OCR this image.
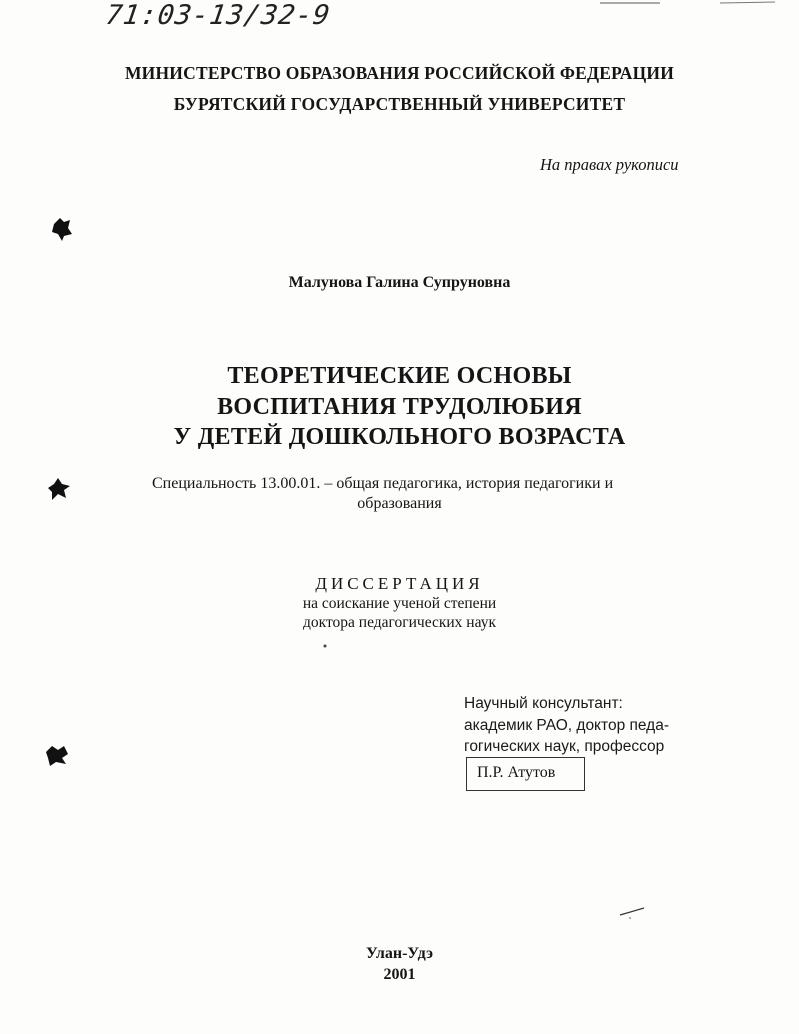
71:03-13/32-9
МИНИСТЕРСТВО ОБРАЗОВАНИЯ РОССИЙСКОЙ ФЕДЕРАЦИИ
БУРЯТСКИЙ ГОСУДАРСТВЕННЫЙ УНИВЕРСИТЕТ
На правах рукописи
Малунова Галина Супруновна
ТЕОРЕТИЧЕСКИЕ ОСНОВЫ
ВОСПИТАНИЯ ТРУДОЛЮБИЯ
У ДЕТЕЙ ДОШКОЛЬНОГО ВОЗРАСТА
Специальность 13.00.01. – общая педагогика, история педагогики и
образования
ДИССЕРТАЦИЯ
на соискание ученой степени
доктора педагогических наук
Научный консультант:
академик РАО, доктор педа-
гогических наук, профессор
П.Р. Атутов
Улан-Удэ
2001
